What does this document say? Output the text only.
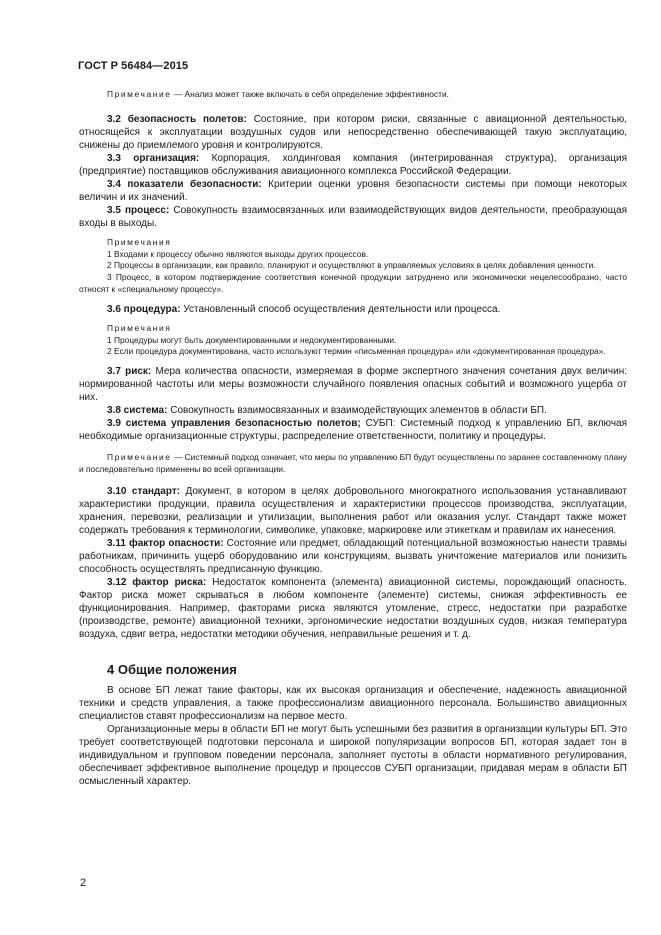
ГОСТ Р 56484—2015

Примечание — Анализ может также включать в себя определение эффективности.

3.2 безопасность полетов: Состояние, при котором риски, связанные с авиационной деятельностью, относящейся к эксплуатации воздушных судов или непосредственно обеспечивающей такую эксплуатацию, снижены до приемлемого уровня и контролируются.

3.3 организация: Корпорация, холдинговая компания (интегрированная структура), организация (предприятие) поставщиков обслуживания авиационного комплекса Российской Федерации.

3.4 показатели безопасности: Критерии оценки уровня безопасности системы при помощи некоторых величин и их значений.

3.5 процесс: Совокупность взаимосвязанных или взаимодействующих видов деятельности, преобразующая входы в выходы.

Примечания

1 Входами к процессу обычно являются выходы других процессов.

2 Процессы в организации, как правило, планируют и осуществляют в управляемых условиях в целях добавления ценности.

3 Процесс, в котором подтверждение соответствия конечной продукции затруднено или экономически нецелесообразно, часто относят к «специальному процессу».

3.6 процедура: Установленный способ осуществления деятельности или процесса.

Примечания

1 Процедуры могут быть документированными и недокументированными.

2 Если процедура документирована, часто используют термин «письменная процедура» или «документированная процедура».

3.7 риск: Мера количества опасности, измеряемая в форме экспертного значения сочетания двух величин: нормированной частоты или меры возможности случайного появления опасных событий и возможного ущерба от них.

3.8 система: Совокупность взаимосвязанных и взаимодействующих элементов в области БП.

3.9 система управления безопасностью полетов; СУБП: Системный подход к управлению БП, включая необходимые организационные структуры, распределение ответственности, политику и процедуры.

Примечание — Системный подход означает, что меры по управлению БП будут осуществлены по заранее составленному плану и последовательно применены во всей организации.

3.10 стандарт: Документ, в котором в целях добровольного многократного использования устанавливают характеристики продукции, правила осуществления и характеристики процессов производства, эксплуатации, хранения, перевозки, реализации и утилизации, выполнения работ или оказания услуг. Стандарт также может содержать требования к терминологии, символике, упаковке, маркировке или этикеткам и правилам их нанесения.

3.11 фактор опасности: Состояние или предмет, обладающий потенциальной возможностью нанести травмы работникам, причинить ущерб оборудованию или конструкциям, вызвать уничтожение материалов или понизить способность осуществлять предписанную функцию.

3.12 фактор риска: Недостаток компонента (элемента) авиационной системы, порождающий опасность. Фактор риска может скрываться в любом компоненте (элементе) системы, снижая эффективность ее функционирования. Например, факторами риска являются утомление, стресс, недостатки при разработке (производстве, ремонте) авиационной техники, эргономические недостатки воздушных судов, низкая температура воздуха, сдвиг ветра, недостатки методики обучения, неправильные решения и т. д.

4 Общие положения

В основе БП лежат такие факторы, как их высокая организация и обеспечение, надежность авиационной техники и средств управления, а также профессионализм авиационного персонала. Большинство авиационных специалистов ставят профессионализм на первое место.

Организационные меры в области БП не могут быть успешными без развития в организации культуры БП. Это требует соответствующей подготовки персонала и широкой популяризации вопросов БП, которая задает тон в индивидуальном и групповом поведении персонала, заполняет пустоты в области нормативного регулирования, обеспечивает эффективное выполнение процедур и процессов СУБП организации, придавая мерам в области БП осмысленный характер.

2
